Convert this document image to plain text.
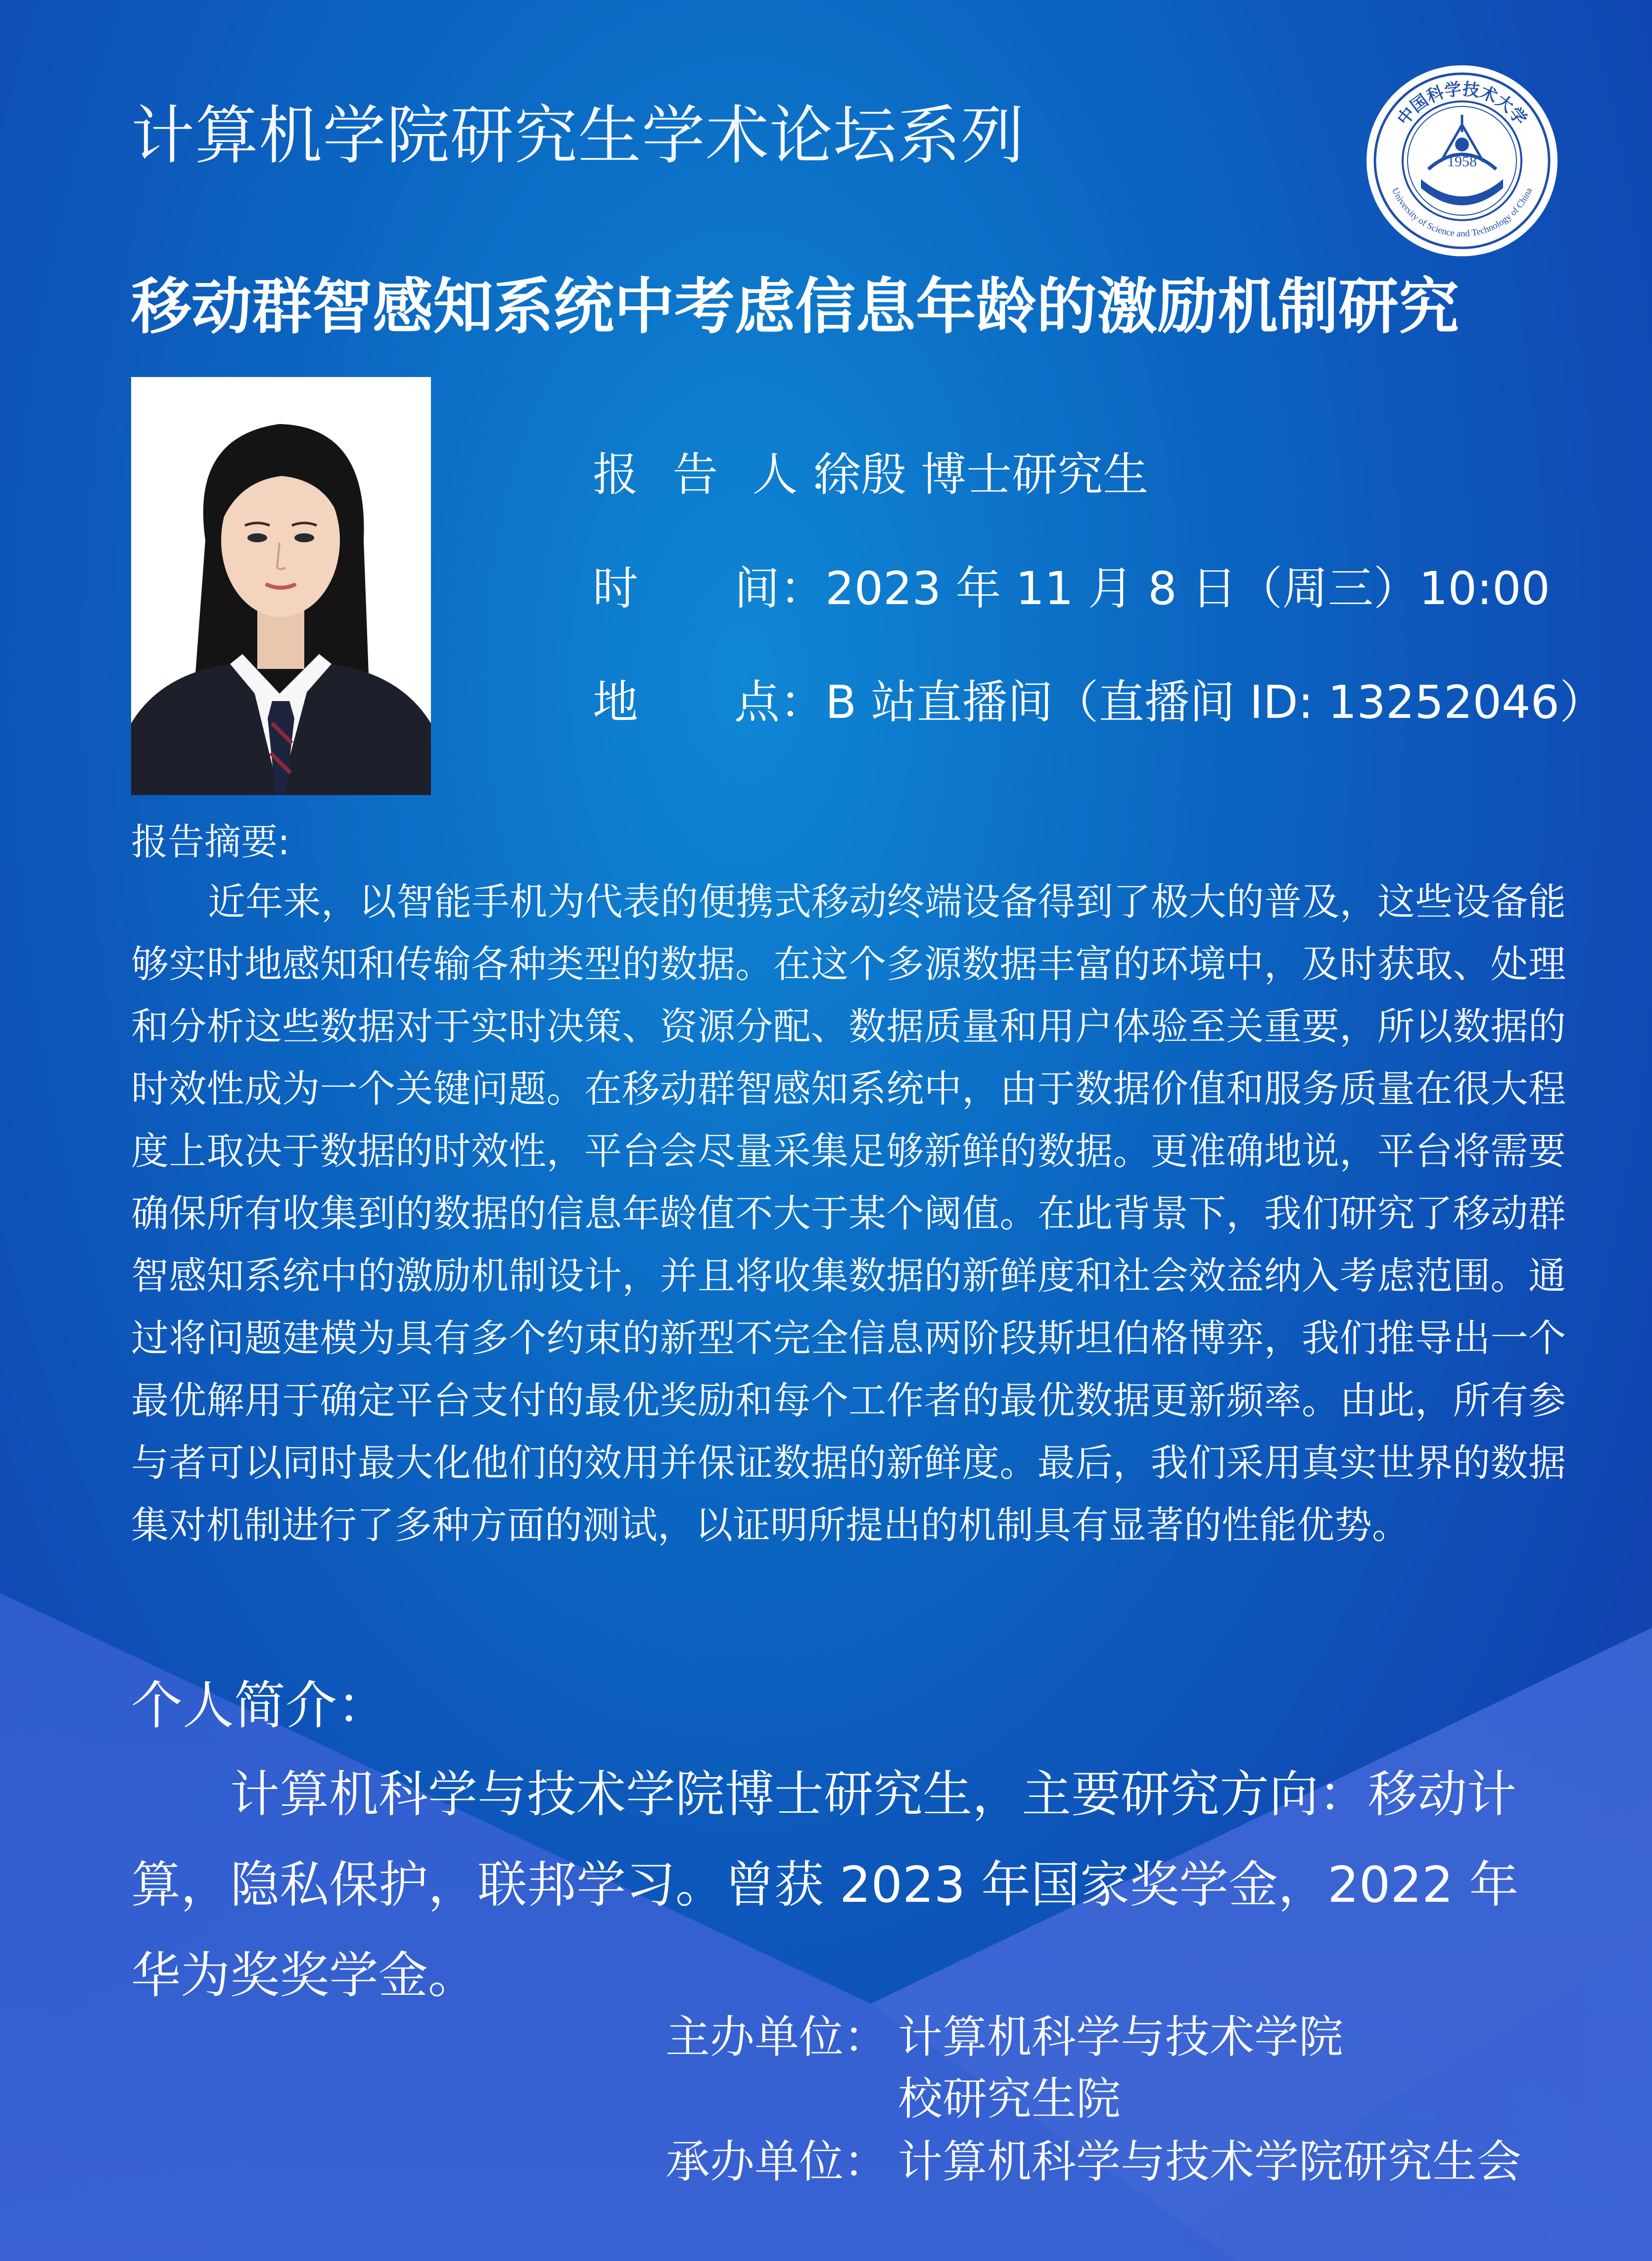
计算机学院研究生学术论坛系列	1958
中国科学技术大学
University of Science and Technology of China
移动群智感知系统中考虑信息年龄的激励机制研究
报 告 人：徐殷 博士研究生
时 间： 2023 年 11 月 8 日（周三）10:00
地 点： B 站直播间（直播间 ID: 13252046）
报告摘要:

近年来，以智能手机为代表的便携式移动终端设备得到了极大的普及，这些设备能够实时地感知和传输各种类型的数据。在这个多源数据丰富的环境中，及时获取、处理和分析这些数据对于实时决策、资源分配、数据质量和用户体验至关重要，所以数据的时效性成为一个关键问题。在移动群智感知系统中，由于数据价值和服务质量在很大程度上取决于数据的时效性，平台会尽量采集足够新鲜的数据。更准确地说，平台将需要确保所有收集到的数据的信息年龄值不大于某个阈值。在此背景下，我们研究了移动群智感知系统中的激励机制设计，并且将收集数据的新鲜度和社会效益纳入考虑范围。通过将问题建模为具有多个约束的新型不完全信息两阶段斯坦伯格博弈，我们推导出一个最优解用于确定平台支付的最优奖励和每个工作者的最优数据更新频率。由此，所有参与者可以同时最大化他们的效用并保证数据的新鲜度。最后，我们采用真实世界的数据集对机制进行了多种方面的测试，以证明所提出的机制具有显著的性能优势。

个人简介：

计算机科学与技术学院博士研究生，主要研究方向：移动计算，隐私保护，联邦学习。曾获 2023 年国家奖学金，2022 年华为奖奖学金。

主办单位： 计算机科学与技术学院
校研究生院
承办单位： 计算机科学与技术学院研究生会
